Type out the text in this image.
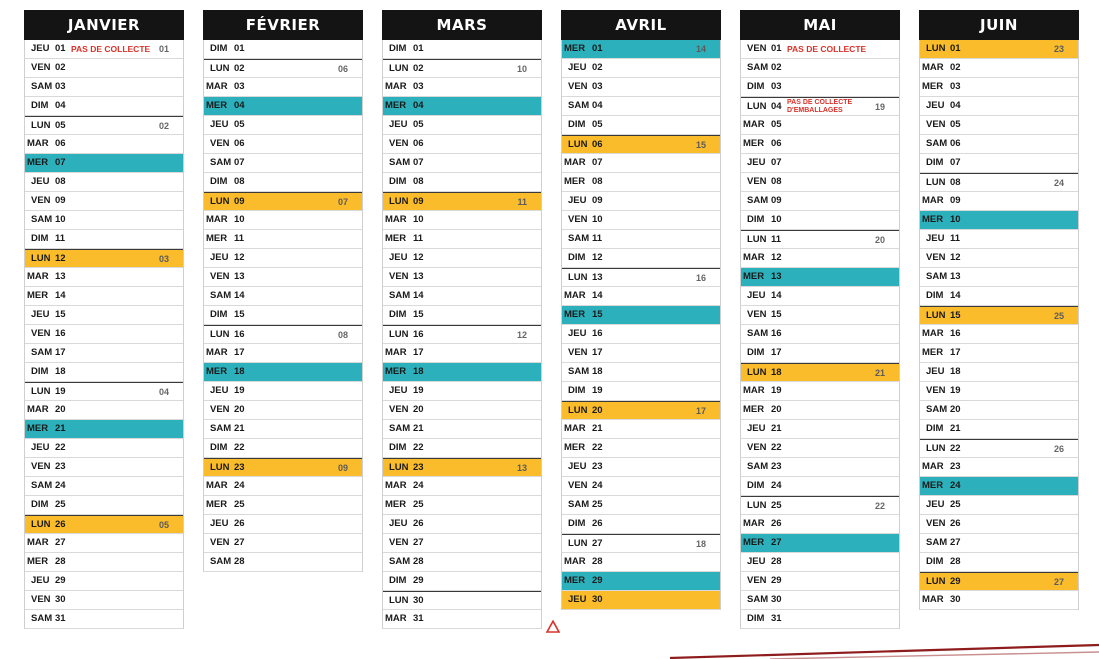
JANVIER
JEU 01 PAS DE COLLECTE 01
VEN 02
SAM 03
DIM 04
LUN 05	02
MAR 06
MER 07
JEU 08
VEN 09
SAM 10
DIM 11
LUN 12	03
MAR 13
MER 14
JEU 15
VEN 16
SAM 17
DIM 18
LUN 19	04
MAR 20
MER 21
JEU 22
VEN 23
SAM 24
DIM 25
LUN 26	05
MAR 27
MER 28
JEU 29
VEN 30
SAM 31
FÉVRIER
DIM 01
LUN 02	06
MAR 03
MER 04
JEU 05
VEN 06
SAM 07
DIM 08
LUN 09	07
MAR 10
MER 11
JEU 12
VEN 13
SAM 14
DIM 15
LUN 16	08
MAR 17
MER 18
JEU 19
VEN 20
SAM 21
DIM 22
LUN 23	09
MAR 24
MER 25
JEU 26
VEN 27
SAM 28
MARS
DIM 01
LUN 02	10
MAR 03
MER 04
JEU 05
VEN 06
SAM 07
DIM 08
LUN 09	11
MAR 10
MER 11
JEU 12
VEN 13
SAM 14
DIM 15
LUN 16	12
MAR 17
MER 18
JEU 19
VEN 20
SAM 21
DIM 22
LUN 23	13
MAR 24
MER 25
JEU 26
VEN 27
SAM 28
DIM 29
LUN 30
MAR 31
AVRIL
MER 01	14
JEU 02
VEN 03
SAM 04
DIM 05
LUN 06	15
MAR 07
MER 08
JEU 09
VEN 10
SAM 11
DIM 12
LUN 13	16
MAR 14
MER 15
JEU 16
VEN 17
SAM 18
DIM 19
LUN 20	17
MAR 21
MER 22
JEU 23
VEN 24
SAM 25
DIM 26
LUN 27	18
MAR 28
MER 29
JEU 30
MAI
VEN 01 PAS DE COLLECTE
SAM 02
DIM 03
LUN 04 PAS DE COLLECTE D'EMBALLAGES	19
MAR 05
MER 06
JEU 07
VEN 08
SAM 09
DIM 10
LUN 11	20
MAR 12
MER 13
JEU 14
VEN 15
SAM 16
DIM 17
LUN 18	21
MAR 19
MER 20
JEU 21
VEN 22
SAM 23
DIM 24
LUN 25	22
MAR 26
MER 27
JEU 28
VEN 29
SAM 30
DIM 31
JUIN
LUN 01	23
MAR 02
MER 03
JEU 04
VEN 05
SAM 06
DIM 07
LUN 08	24
MAR 09
MER 10
JEU 11
VEN 12
SAM 13
DIM 14
LUN 15	25
MAR 16
MER 17
JEU 18
VEN 19
SAM 20
DIM 21
LUN 22	26
MAR 23
MER 24
JEU 25
VEN 26
SAM 27
DIM 28
LUN 29	27
MAR 30
